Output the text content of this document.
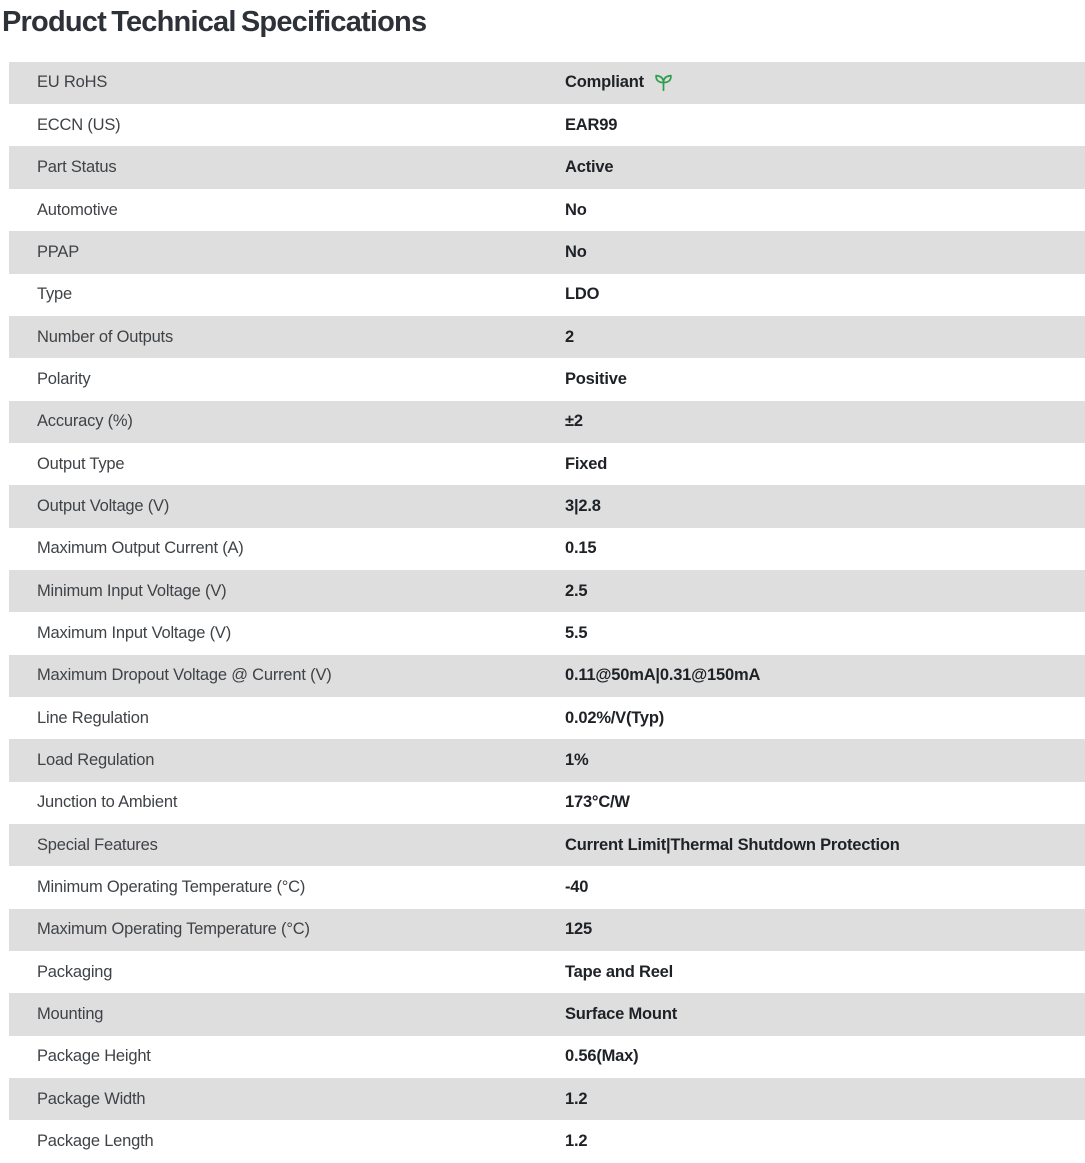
Product Technical Specifications
EU RoHS	Compliant
ECCN (US)	EAR99
Part Status	Active
Automotive	No
PPAP	No
Type	LDO
Number of Outputs	2
Polarity	Positive
Accuracy (%)	±2
Output Type	Fixed
Output Voltage (V)	3|2.8
Maximum Output Current (A)	0.15
Minimum Input Voltage (V)	2.5
Maximum Input Voltage (V)	5.5
Maximum Dropout Voltage @ Current (V)	0.11@50mA|0.31@150mA
Line Regulation	0.02%/V(Typ)
Load Regulation	1%
Junction to Ambient	173°C/W
Special Features	Current Limit|Thermal Shutdown Protection
Minimum Operating Temperature (°C)	-40
Maximum Operating Temperature (°C)	125
Packaging	Tape and Reel
Mounting	Surface Mount
Package Height	0.56(Max)
Package Width	1.2
Package Length	1.2
